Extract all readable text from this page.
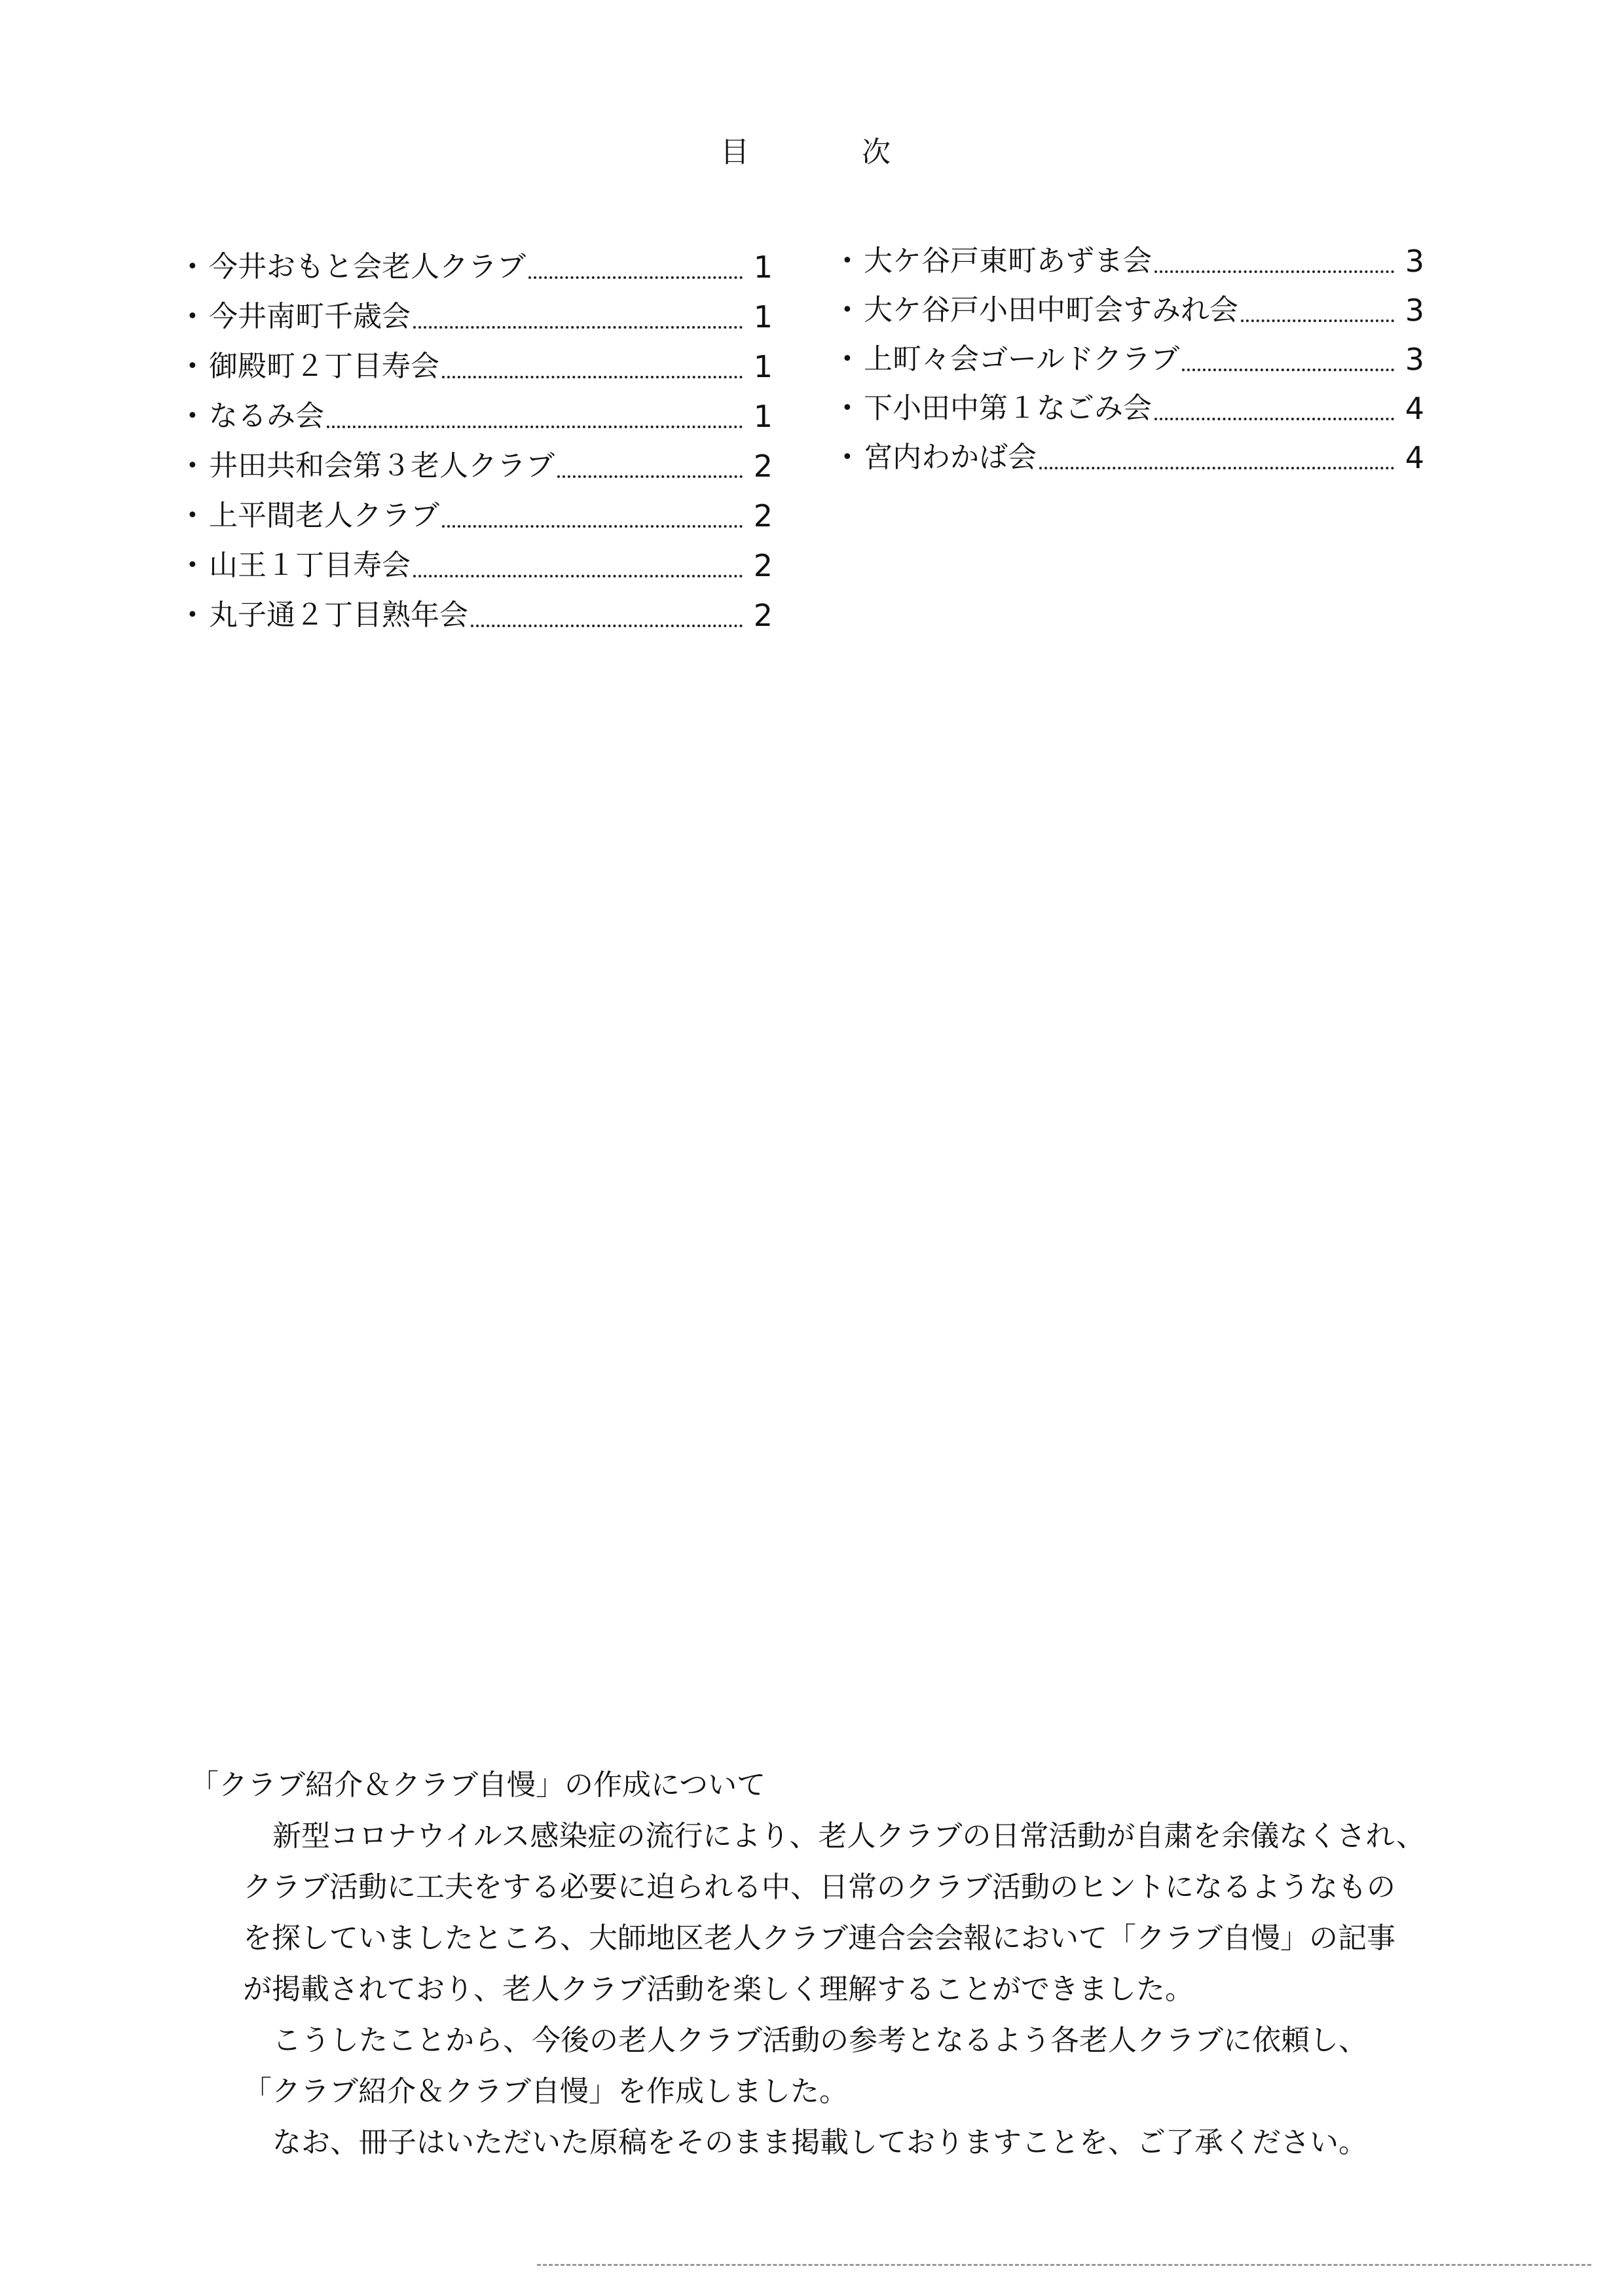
目	次
• 今井おもと会老人クラブ	1
• 今井南町千歳会	1
• 御殿町２丁目寿会	1
• なるみ会	1
• 井田共和会第３老人クラブ	2
• 上平間老人クラブ	2
• 山王１丁目寿会	2
• 丸子通２丁目熟年会	2
• 大ケ谷戸東町あずま会	3
• 大ケ谷戸小田中町会すみれ会	3
• 上町々会ゴールドクラブ	3
• 下小田中第１なごみ会	4
• 宮内わかば会	4
「クラブ紹介＆クラブ自慢」の作成について

新型コロナウイルス感染症の流行により、老人クラブの日常活動が自粛を余儀なくされ、

クラブ活動に工夫をする必要に迫られる中、日常のクラブ活動のヒントになるようなもの

を探していましたところ、大師地区老人クラブ連合会会報において「クラブ自慢」の記事

が掲載されており、老人クラブ活動を楽しく理解することができました。

こうしたことから、今後の老人クラブ活動の参考となるよう各老人クラブに依頼し、

「クラブ紹介＆クラブ自慢」を作成しました。

なお、冊子はいただいた原稿をそのまま掲載しておりますことを、ご了承ください。
